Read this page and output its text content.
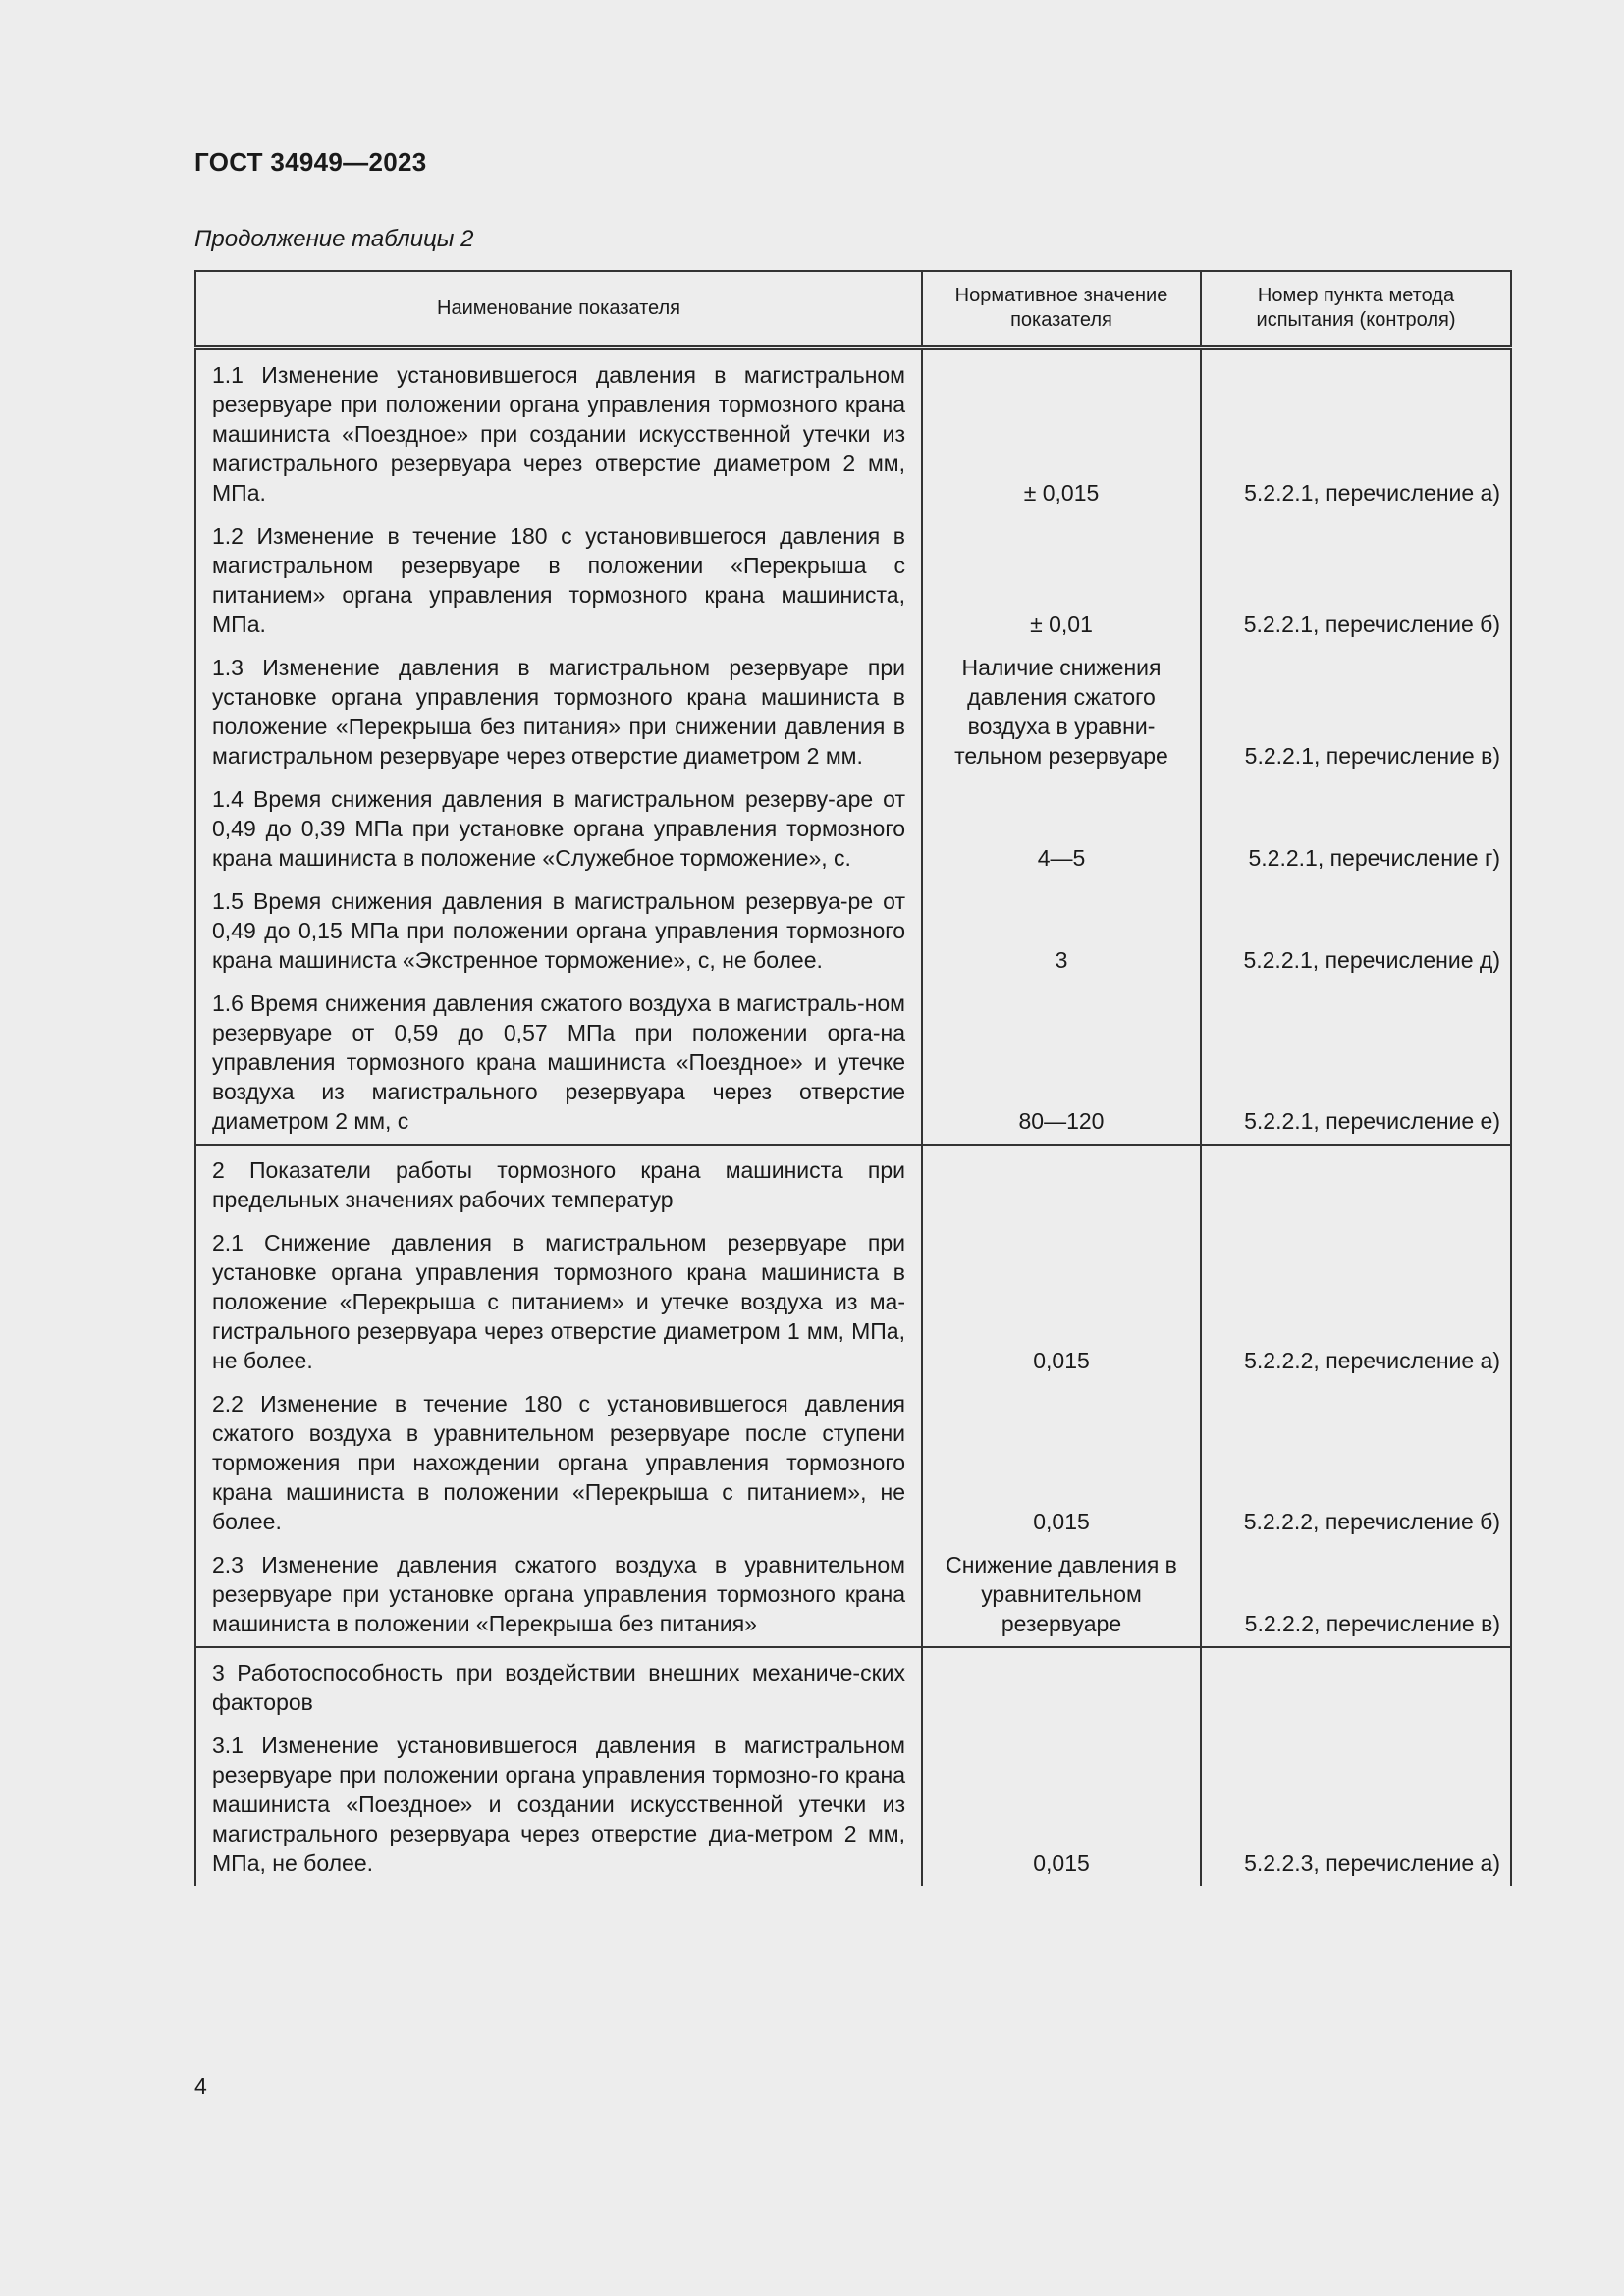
ГОСТ 34949—2023
Продолжение таблицы 2
Наименование показателя	Нормативное значение показателя	Номер пункта метода испытания (контроля)
1.1 Изменение установившегося давления в магистральном резервуаре при положении органа управления тормозного крана машиниста «Поездное» при создании искусственной утечки из магистрального резервуара через отверстие диаметром 2 мм, МПа.	± 0,015	5.2.2.1, перечисление а)
1.2 Изменение в течение 180 с установившегося давления в магистральном резервуаре в положении «Перекрыша с питанием» органа управления тормозного крана машиниста, МПа.	± 0,01	5.2.2.1, перечисление б)
1.3 Изменение давления в магистральном резервуаре при установке органа управления тормозного крана машиниста в положение «Перекрыша без питания» при снижении давления в магистральном резервуаре через отверстие диаметром 2 мм.	Наличие снижения давления сжатого воздуха в уравни-тельном резервуаре	5.2.2.1, перечисление в)
1.4 Время снижения давления в магистральном резерву-аре от 0,49 до 0,39 МПа при установке органа управления тормозного крана машиниста в положение «Служебное торможение», с.	4—5	5.2.2.1, перечисление г)
1.5 Время снижения давления в магистральном резервуа-ре от 0,49 до 0,15 МПа при положении органа управления тормозного крана машиниста «Экстренное торможение», с, не более.	3	5.2.2.1, перечисление д)
1.6 Время снижения давления сжатого воздуха в магистраль-ном резервуаре от 0,59 до 0,57 МПа при положении орга-на управления тормозного крана машиниста «Поездное» и утечке воздуха из магистрального резервуара через отверстие диаметром 2 мм, с	80—120	5.2.2.1, перечисление е)
2 Показатели работы тормозного крана машиниста при предельных значениях рабочих температур		
2.1 Снижение давления в магистральном резервуаре при установке органа управления тормозного крана машиниста в положение «Перекрыша с питанием» и утечке воздуха из ма-гистрального резервуара через отверстие диаметром 1 мм, МПа, не более.	0,015	5.2.2.2, перечисление а)
2.2 Изменение в течение 180 с установившегося давления сжатого воздуха в уравнительном резервуаре после ступени торможения при нахождении органа управления тормозного крана машиниста в положении «Перекрыша с питанием», не более.	0,015	5.2.2.2, перечисление б)
2.3 Изменение давления сжатого воздуха в уравнительном резервуаре при установке органа управления тормозного крана машиниста в положении «Перекрыша без питания»	Снижение давления в уравнительном резервуаре	5.2.2.2, перечисление в)
3 Работоспособность при воздействии внешних механиче-ских факторов		
3.1 Изменение установившегося давления в магистральном резервуаре при положении органа управления тормозно-го крана машиниста «Поездное» и создании искусственной утечки из магистрального резервуара через отверстие диа-метром 2 мм, МПа, не более.	0,015	5.2.2.3, перечисление а)
4
